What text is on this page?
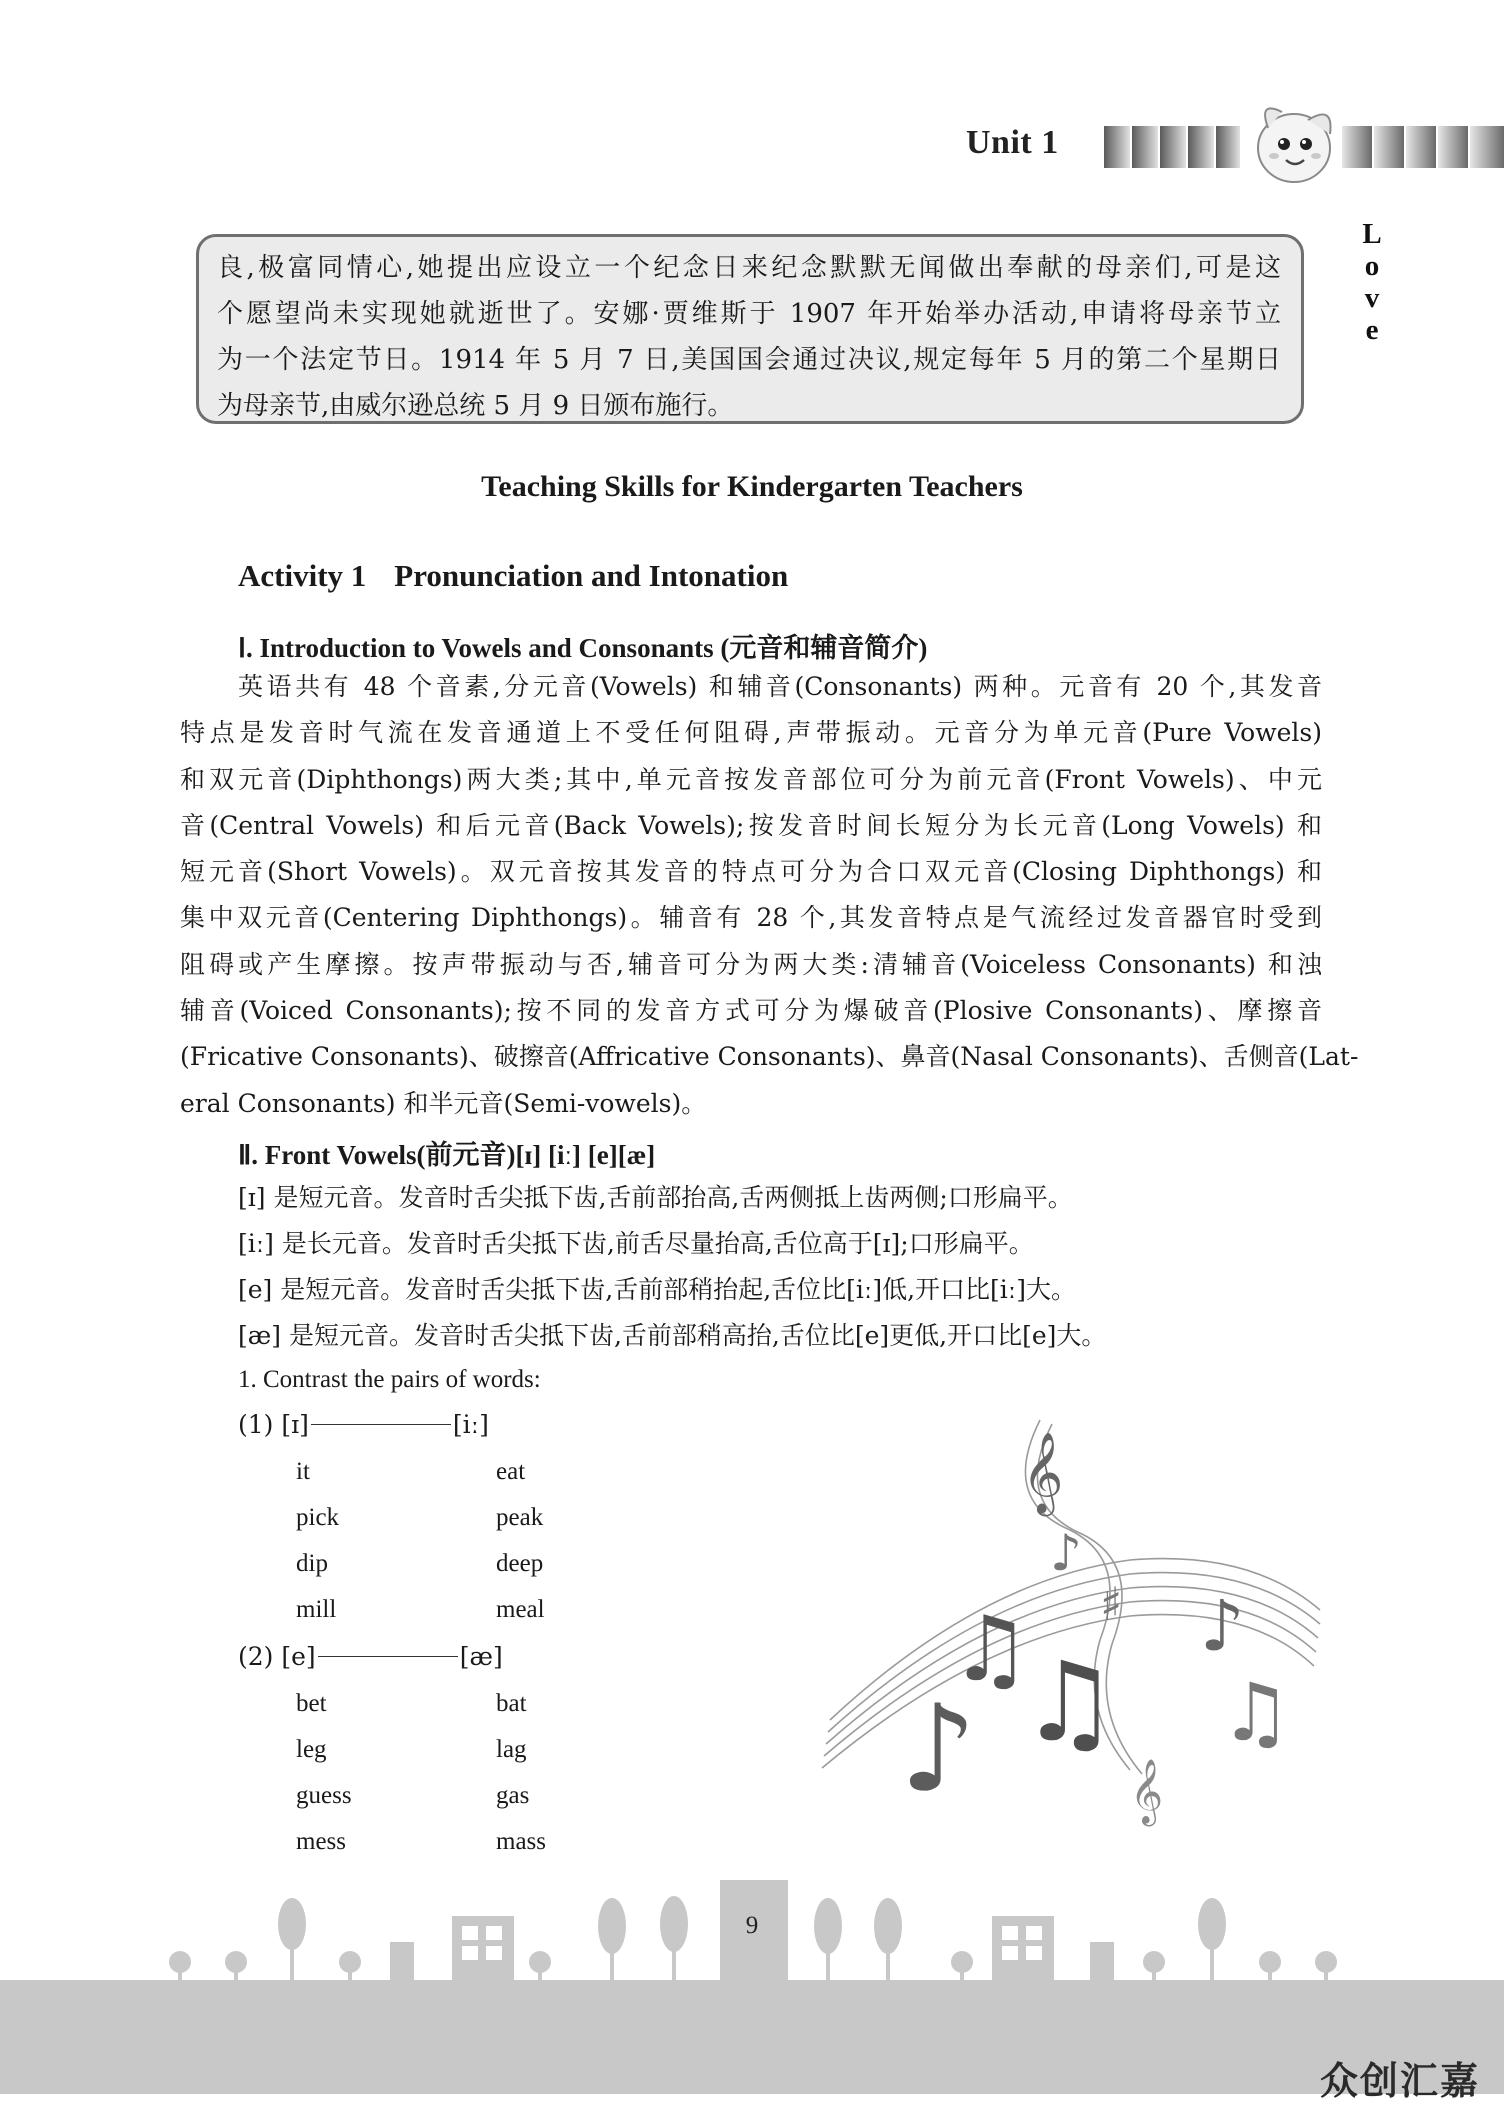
Unit 1
L
o
v
e
良,极富同情心,她提出应设立一个纪念日来纪念默默无闻做出奉献的母亲们,可是这
个愿望尚未实现她就逝世了。安娜·贾维斯于 1907 年开始举办活动,申请将母亲节立
为一个法定节日。1914 年 5 月 7 日,美国国会通过决议,规定每年 5 月的第二个星期日
为母亲节,由威尔逊总统 5 月 9 日颁布施行。
Teaching Skills for Kindergarten Teachers
Activity 1 Pronunciation and Intonation
Ⅰ. Introduction to Vowels and Consonants (元音和辅音简介)
英语共有 48 个音素,分元音(Vowels) 和辅音(Consonants) 两种。元音有 20 个,其发音
特点是发音时气流在发音通道上不受任何阻碍,声带振动。元音分为单元音(Pure Vowels)
和双元音(Diphthongs)两大类;其中,单元音按发音部位可分为前元音(Front Vowels)、中元
音(Central Vowels) 和后元音(Back Vowels);按发音时间长短分为长元音(Long Vowels) 和
短元音(Short Vowels)。双元音按其发音的特点可分为合口双元音(Closing Diphthongs) 和
集中双元音(Centering Diphthongs)。辅音有 28 个,其发音特点是气流经过发音器官时受到
阻碍或产生摩擦。按声带振动与否,辅音可分为两大类:清辅音(Voiceless Consonants) 和浊
辅音(Voiced Consonants);按不同的发音方式可分为爆破音(Plosive Consonants)、摩擦音
(Fricative Consonants)、破擦音(Affricative Consonants)、鼻音(Nasal Consonants)、舌侧音(Lat-
eral Consonants) 和半元音(Semi-vowels)。
Ⅱ. Front Vowels(前元音)[ɪ] [iː] [e][æ]
[ɪ] 是短元音。发音时舌尖抵下齿,舌前部抬高,舌两侧抵上齿两侧;口形扁平。
[iː] 是长元音。发音时舌尖抵下齿,前舌尽量抬高,舌位高于[ɪ];口形扁平。
[e] 是短元音。发音时舌尖抵下齿,舌前部稍抬起,舌位比[iː]低,开口比[iː]大。
[æ] 是短元音。发音时舌尖抵下齿,舌前部稍高抬,舌位比[e]更低,开口比[e]大。
1. Contrast the pairs of words:
(1) [ɪ]	[iː]
it	eat
pick	peak
dip	deep
mill	meal
(2) [e]	[æ]
bet	bat
leg	lag
guess	gas
mess	mass
𝄞
♪
♯
♫
♫
♪
♪
♫
𝄞
9
众创汇嘉
